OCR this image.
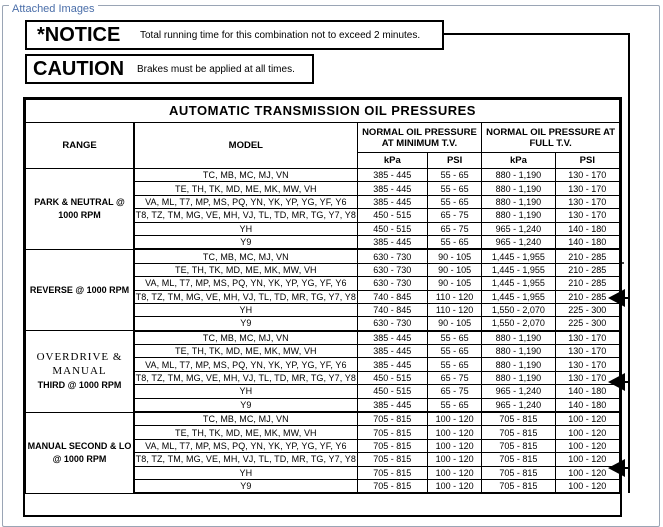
Attached Images
*NOTICE Total running time for this combination not to exceed 2 minutes.
CAUTION Brakes must be applied at all times.
AUTOMATIC TRANSMISSION OIL PRESSURES					
RANGE	MODEL	NORMAL OIL PRESSURE AT MINIMUM T.V.		NORMAL OIL PRESSURE AT FULL T.V.	
		kPa	PSI	kPa	PSI
PARK & NEUTRAL @ 1000 RPM	TC, MB, MC, MJ, VN	385 - 445	55 - 65	880 - 1,190	130 - 170
	TE, TH, TK, MD, ME, MK, MW, VH	385 - 445	55 - 65	880 - 1,190	130 - 170
	VA, ML, T7, MP, MS, PQ, YN, YK, YP, YG, YF, Y6	385 - 445	55 - 65	880 - 1,190	130 - 170
	T8, TZ, TM, MG, VE, MH, VJ, TL, TD, MR, TG, Y7, Y8	450 - 515	65 - 75	880 - 1,190	130 - 170
	YH	450 - 515	65 - 75	965 - 1,240	140 - 180
	Y9	385 - 445	55 - 65	965 - 1,240	140 - 180
REVERSE @ 1000 RPM	TC, MB, MC, MJ, VN	630 - 730	90 - 105	1,445 - 1,955	210 - 285
	TE, TH, TK, MD, ME, MK, MW, VH	630 - 730	90 - 105	1,445 - 1,955	210 - 285
	VA, ML, T7, MP, MS, PQ, YN, YK, YP, YG, YF, Y6	630 - 730	90 - 105	1,445 - 1,955	210 - 285
	T8, TZ, TM, MG, VE, MH, VJ, TL, TD, MR, TG, Y7, Y8	740 - 845	110 - 120	1,445 - 1,955	210 - 285
	YH	740 - 845	110 - 120	1,550 - 2,070	225 - 300
	Y9	630 - 730	90 - 105	1,550 - 2,070	225 - 300
OVERDRIVE & MANUAL
THIRD @ 1000 RPM	TC, MB, MC, MJ, VN	385 - 445	55 - 65	880 - 1,190	130 - 170
	TE, TH, TK, MD, ME, MK, MW, VH	385 - 445	55 - 65	880 - 1,190	130 - 170
	VA, ML, T7, MP, MS, PQ, YN, YK, YP, YG, YF, Y6	385 - 445	55 - 65	880 - 1,190	130 - 170
	T8, TZ, TM, MG, VE, MH, VJ, TL, TD, MR, TG, Y7, Y8	450 - 515	65 - 75	880 - 1,190	130 - 170
	YH	450 - 515	65 - 75	965 - 1,240	140 - 180
	Y9	385 - 445	55 - 65	965 - 1,240	140 - 180
MANUAL SECOND & LO @ 1000 RPM	TC, MB, MC, MJ, VN	705 - 815	100 - 120	705 - 815	100 - 120
	TE, TH, TK, MD, ME, MK, MW, VH	705 - 815	100 - 120	705 - 815	100 - 120
	VA, ML, T7, MP, MS, PQ, YN, YK, YP, YG, YF, Y6	705 - 815	100 - 120	705 - 815	100 - 120
	T8, TZ, TM, MG, VE, MH, VJ, TL, TD, MR, TG, Y7, Y8	705 - 815	100 - 120	705 - 815	100 - 120
	YH	705 - 815	100 - 120	705 - 815	100 - 120
	Y9	705 - 815	100 - 120	705 - 815	100 - 120
